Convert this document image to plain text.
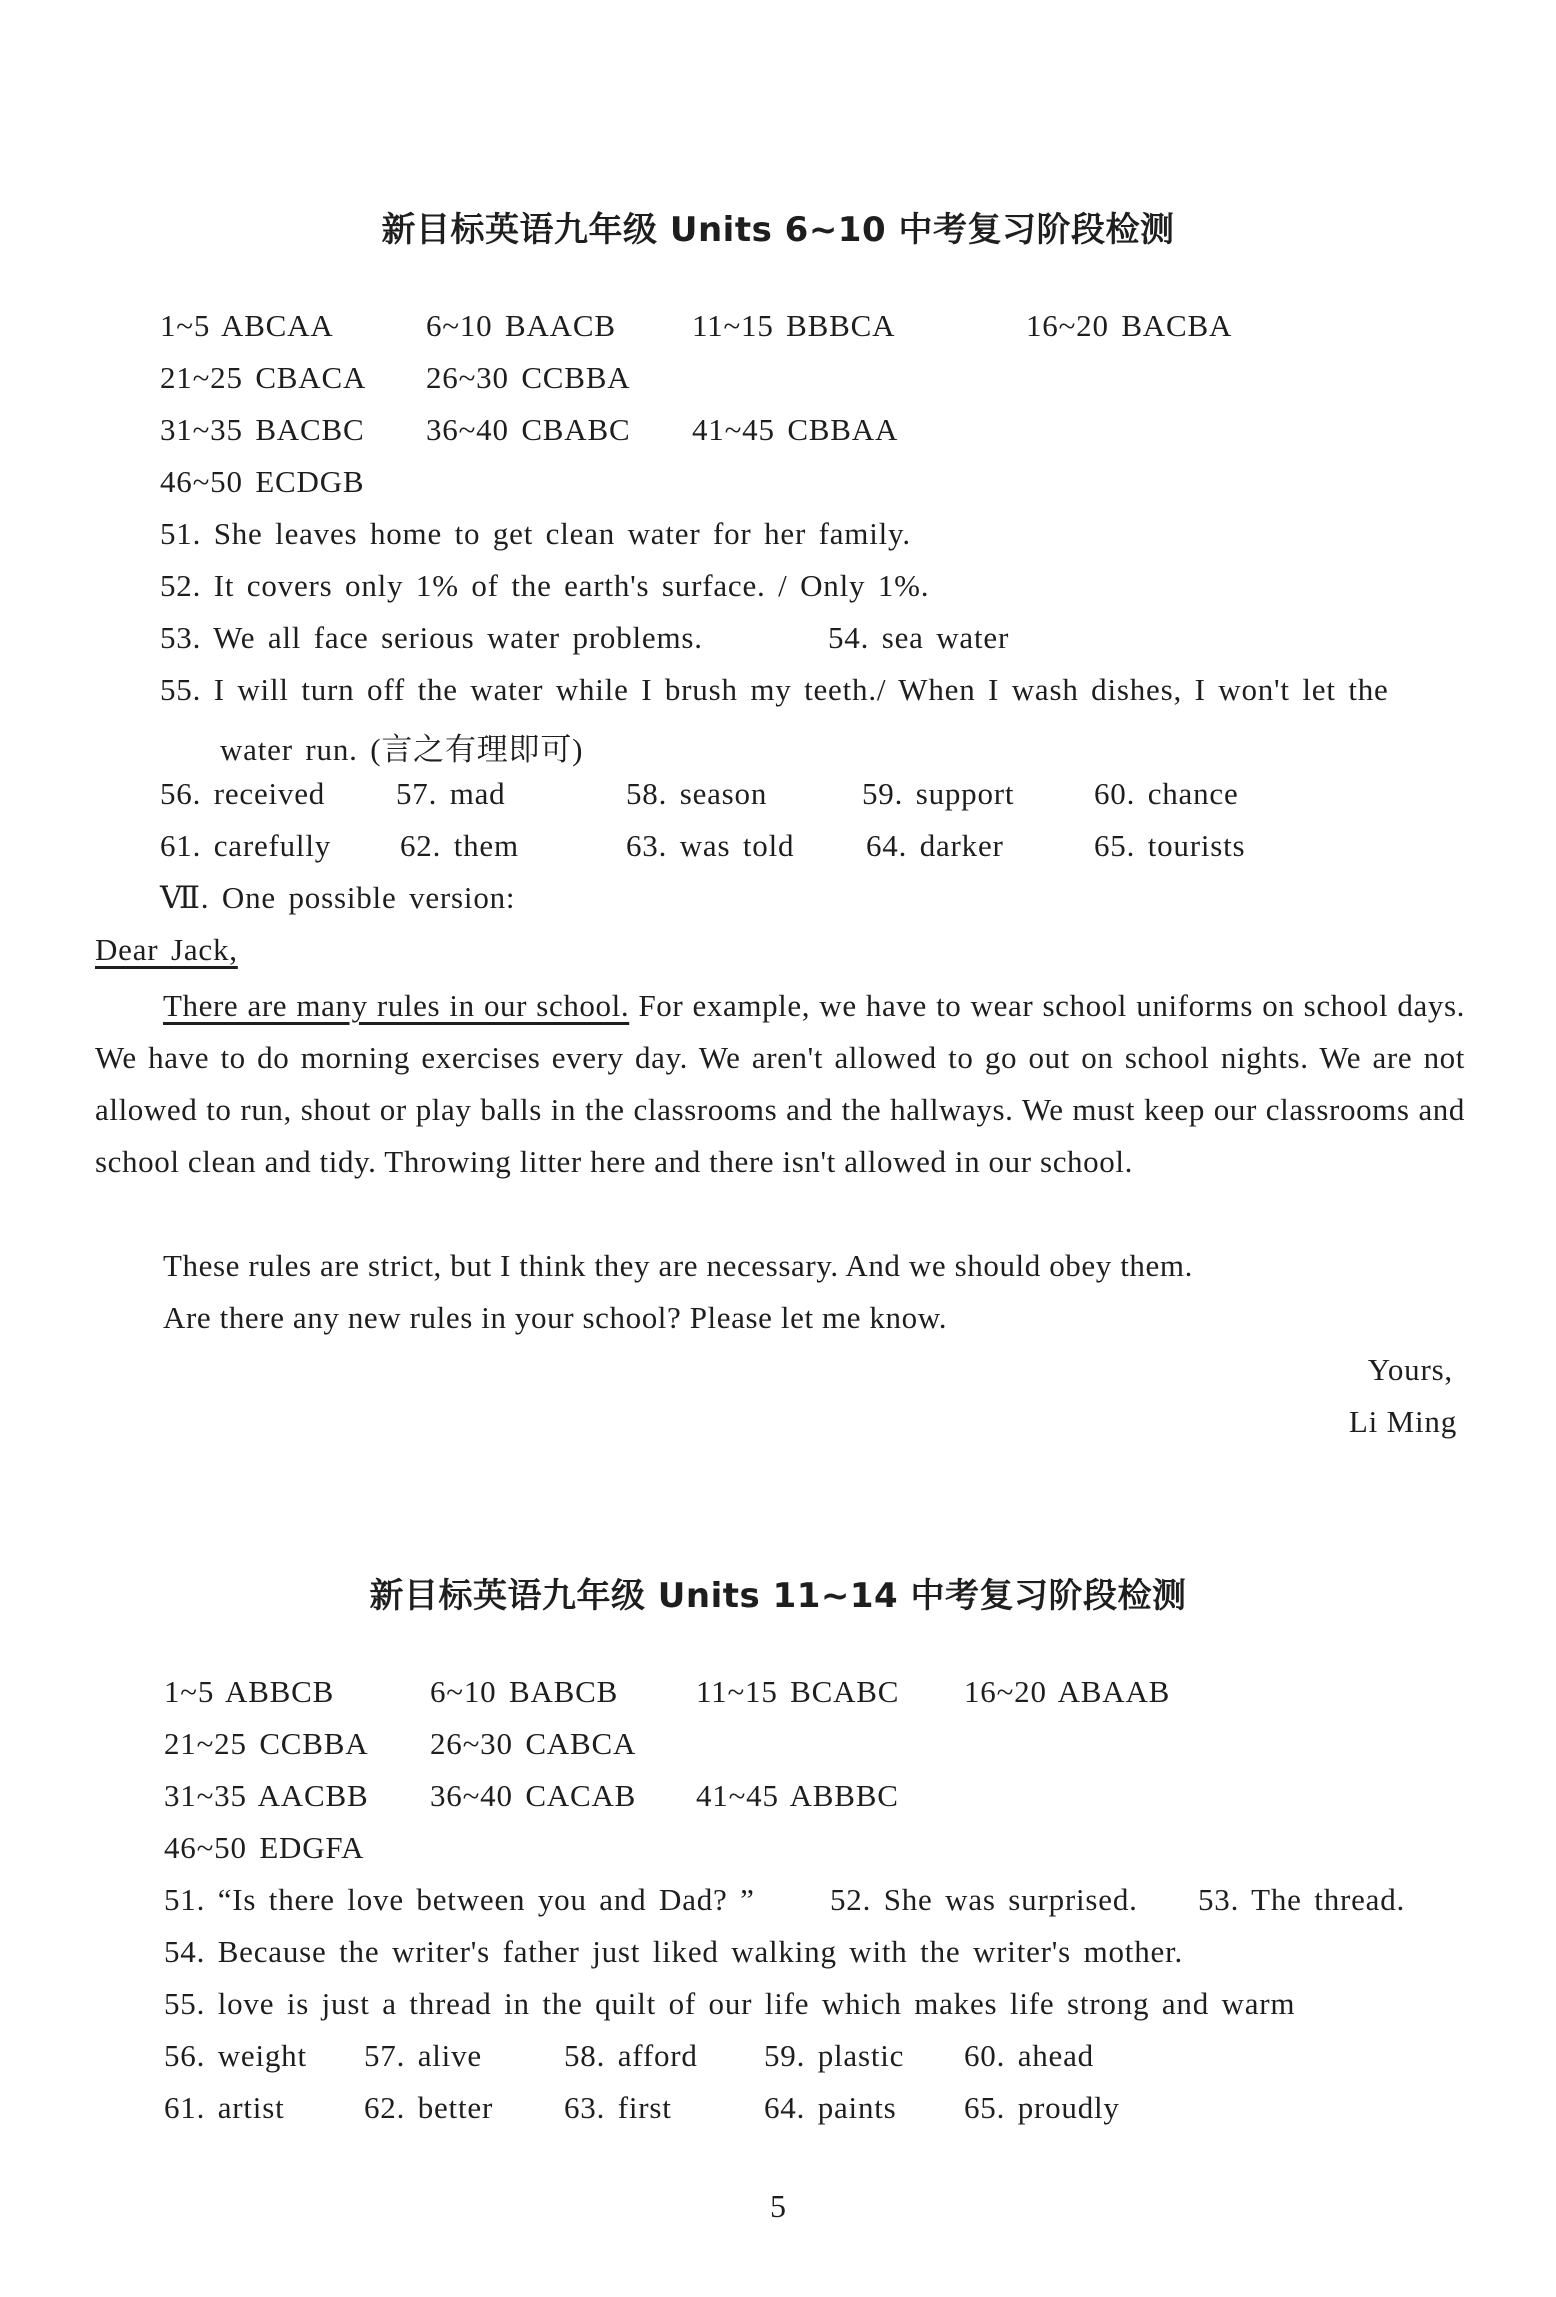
新目标英语九年级 Units 6~10 中考复习阶段检测
1~5 ABCAA	6~10 BAACB 11~15 BBBCA	16~20 BACBA
21~25 CBACA 26~30 CCBBA
31~35 BACBC 36~40 CBABC 41~45 CBBAA
46~50 ECDGB
51. She leaves home to get clean water for her family.
52. It covers only 1% of the earth's surface. / Only 1%.
53. We all face serious water problems.	54. sea water
55. I will turn off the water while I brush my teeth./ When I wash dishes, I won't let the
water run. (言之有理即可)
56. received 57. mad	58. season	59. support	60. chance
61. carefully 62. them	63. was told 64. darker	65. tourists
Ⅶ. One possible version:
Dear Jack,

There are many rules in our school. For example, we have to wear school uniforms on school days. We have to do morning exercises every day. We aren't allowed to go out on school nights. We are not allowed to run, shout or play balls in the classrooms and the hallways. We must keep our classrooms and school clean and tidy. Throwing litter here and there isn't allowed in our school.

These rules are strict, but I think they are necessary. And we should obey them.

Are there any new rules in your school? Please let me know.

Yours,
Li Ming
新目标英语九年级 Units 11~14 中考复习阶段检测
1~5 ABBCB	6~10 BABCB	11~15 BCABC 16~20 ABAAB
21~25 CCBBA 26~30 CABCA
31~35 AACBB 36~40 CACAB 41~45 ABBBC
46~50 EDGFA
51. “Is there love between you and Dad? ” 52. She was surprised. 53. The thread.
54. Because the writer's father just liked walking with the writer's mother.
55. love is just a thread in the quilt of our life which makes life strong and warm
56. weight 57. alive	58. afford 59. plastic 60. ahead
61. artist	62. better 63. first	64. paints 65. proudly
5
